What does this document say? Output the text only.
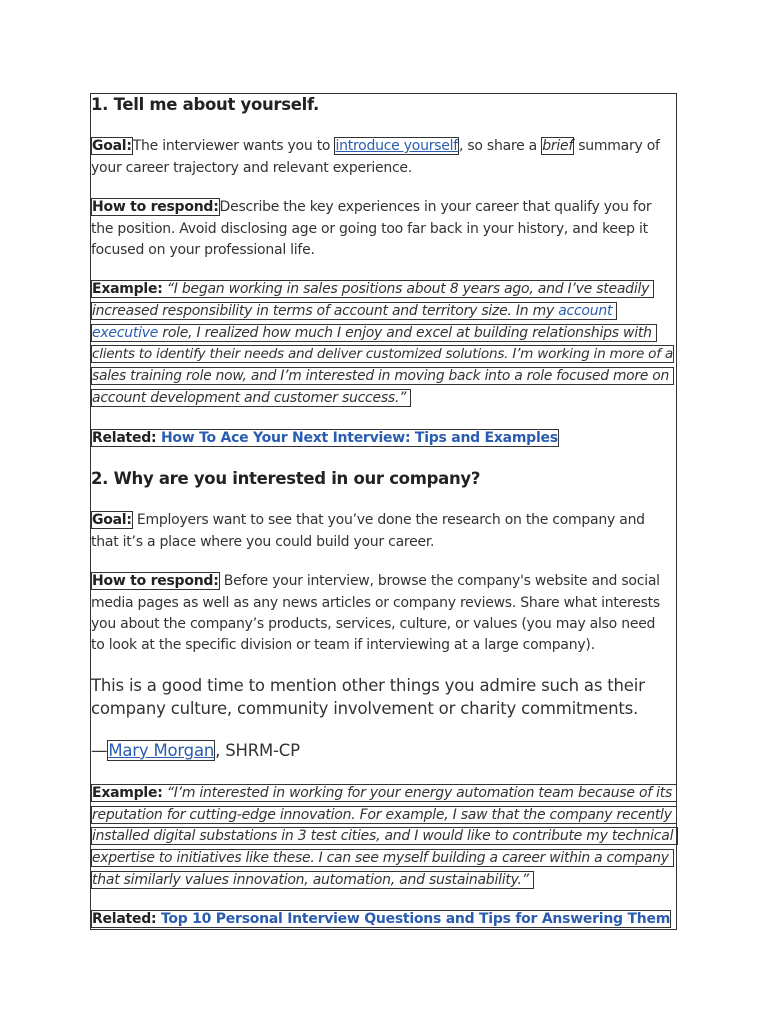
1. Tell me about yourself.
Goal:The interviewer wants you to introduce yourself, so share a brief summary of
your career trajectory and relevant experience.
How to respond:Describe the key experiences in your career that qualify you for
the position. Avoid disclosing age or going too far back in your history, and keep it
focused on your professional life.
Example: “I began working in sales positions about 8 years ago, and I’ve steadily
increased responsibility in terms of account and territory size. In my account
executive role, I realized how much I enjoy and excel at building relationships with
clients to identify their needs and deliver customized solutions. I’m working in more of a
sales training role now, and I’m interested in moving back into a role focused more on
account development and customer success.”
Related: How To Ace Your Next Interview: Tips and Examples
2. Why are you interested in our company?
Goal: Employers want to see that you’ve done the research on the company and
that it’s a place where you could build your career.
How to respond: Before your interview, browse the company's website and social
media pages as well as any news articles or company reviews. Share what interests
you about the company’s products, services, culture, or values (you may also need
to look at the specific division or team if interviewing at a large company).
This is a good time to mention other things you admire such as their
company culture, community involvement or charity commitments.
—Mary Morgan, SHRM-CP
Example: “I’m interested in working for your energy automation team because of its
reputation for cutting-edge innovation. For example, I saw that the company recently
installed digital substations in 3 test cities, and I would like to contribute my technical
expertise to initiatives like these. I can see myself building a career within a company
that similarly values innovation, automation, and sustainability.”
Related: Top 10 Personal Interview Questions and Tips for Answering Them
